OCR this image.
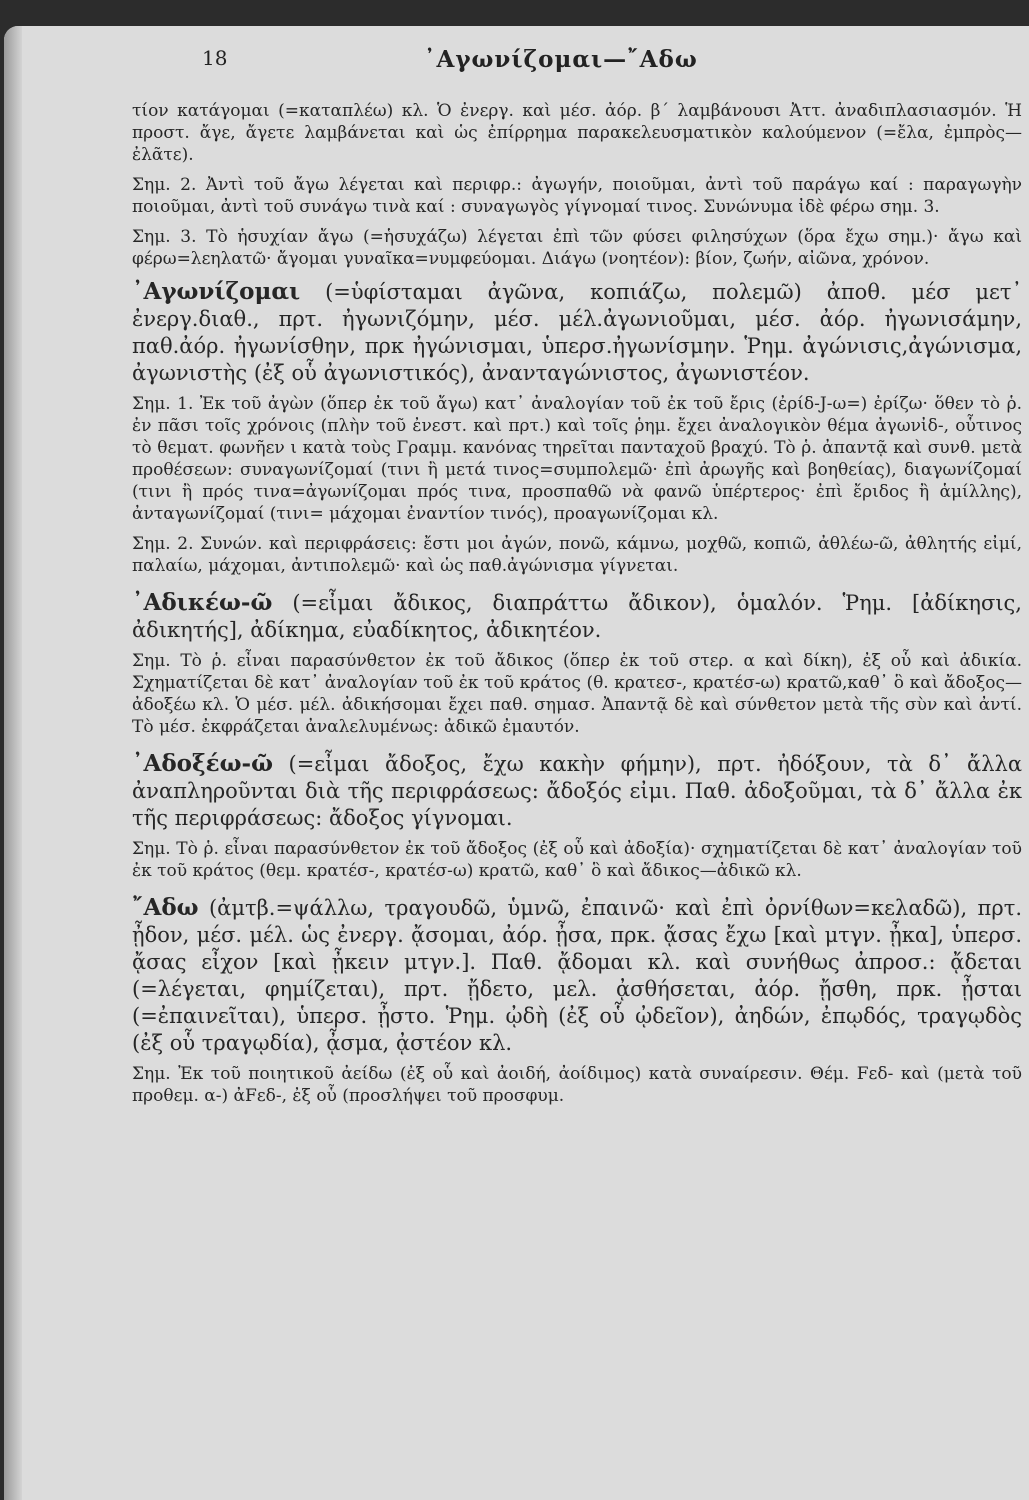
18	᾿Αγωνίζομαι—῎Αδω
τίον κατάγομαι (=καταπλέω) κλ. Ὁ ἐνεργ. καὶ μέσ. ἀόρ. β΄ λαμβάνουσι Ἀττ. ἀναδιπλασιασμόν. Ἡ προστ. ἄγε, ἄγετε λαμβάνεται καὶ ὡς ἐπίρρημα παρακελευσματικὸν καλούμενον (=ἔλα, ἐμπρὸς—ἐλᾶτε).
Σημ. 2. Ἀντὶ τοῦ ἄγω λέγεται καὶ περιφρ.: ἀγωγήν, ποιοῦμαι, ἀντὶ τοῦ παράγω καί : παραγωγὴν ποιοῦμαι, ἀντὶ τοῦ συνάγω τινὰ καί : συναγωγὸς γίγνομαί τινος. Συνώνυμα ἰδὲ φέρω σημ. 3.
Σημ. 3. Τὸ ἡσυχίαν ἄγω (=ἡσυχάζω) λέγεται ἐπὶ τῶν φύσει φιλησύχων (ὅρα ἔχω σημ.)· ἄγω καὶ φέρω=λεηλατῶ· ἄγομαι γυναῖκα=νυμφεύομαι. Διάγω (νοητέον): βίον, ζωήν, αἰῶνα, χρόνον.
᾿Αγωνίζομαι (=ὑφίσταμαι ἀγῶνα, κοπιάζω, πολεμῶ) ἀποθ. μέσ μετ᾿ ἐνεργ.διαθ., πρτ. ἠγωνιζόμην, μέσ. μέλ.ἀγωνιοῦμαι, μέσ. ἀόρ. ἠγωνισάμην, παθ.ἀόρ. ἠγωνίσθην, πρκ ἠγώνισμαι, ὑπερσ.ἠγωνίσμην. Ῥημ. ἀγώνισις,ἀγώνισμα, ἀγωνιστὴς (ἐξ οὗ ἀγωνιστικός), ἀνανταγώνιστος, ἀγωνιστέον.
Σημ. 1. Ἐκ τοῦ ἀγὼν (ὅπερ ἐκ τοῦ ἄγω) κατ᾿ ἀναλογίαν τοῦ ἐκ τοῦ ἔρις (ἐρίδ-J-ω=) ἐρίζω· ὅθεν τὸ ῥ. ἐν πᾶσι τοῖς χρόνοις (πλὴν τοῦ ἐνεστ. καὶ πρτ.) καὶ τοῖς ῥημ. ἔχει ἀναλογικὸν θέμα ἀγωνἰδ-, οὗτινος τὸ θεματ. φωνῆεν ι κατὰ τοὺς Γραμμ. κανόνας τηρεῖται πανταχοῦ βραχύ. Τὸ ῥ. ἀπαντᾷ καὶ συνθ. μετὰ προθέσεων: συναγωνίζομαί (τινι ἢ μετά τινος=συμπολεμῶ· ἐπὶ ἀρωγῆς καὶ βοηθείας), διαγωνίζομαί (τινι ἢ πρός τινα=ἀγωνίζομαι πρός τινα, προσπαθῶ νὰ φανῶ ὑπέρτερος· ἐπὶ ἔριδος ἢ ἁμίλλης), ἀνταγωνίζομαί (τινι= μάχομαι ἐναντίον τινός), προαγωνίζομαι κλ.
Σημ. 2. Συνών. καὶ περιφράσεις: ἔστι μοι ἀγών, πονῶ, κάμνω, μοχθῶ, κοπιῶ, ἀθλέω-ῶ, ἀθλητής εἰμί, παλαίω, μάχομαι, ἀντιπολεμῶ· καὶ ὡς παθ.ἀγώνισμα γίγνεται.
᾿Αδικέω-ῶ (=εἶμαι ἄδικος, διαπράττω ἄδικον), ὁμαλόν. Ῥημ. [ἀδίκησις, ἀδικητής], ἀδίκημα, εὐαδίκητος, ἀδικητέον.
Σημ. Τὸ ῥ. εἶναι παρασύνθετον ἐκ τοῦ ἄδικος (ὅπερ ἐκ τοῦ στερ. α καὶ δίκη), ἐξ οὗ καὶ ἀδικία. Σχηματίζεται δὲ κατ᾿ ἀναλογίαν τοῦ ἐκ τοῦ κράτος (θ. κρατεσ-, κρατέσ-ω) κρατῶ,καθ᾿ ὃ καὶ ἄδοξος—ἀδοξέω κλ. Ὁ μέσ. μέλ. ἀδικήσομαι ἔχει παθ. σημασ. Ἀπαντᾷ δὲ καὶ σύνθετον μετὰ τῆς σὺν καὶ ἀντί. Τὸ μέσ. ἐκφράζεται ἀναλελυμένως: ἀδικῶ ἐμαυτόν.
᾿Αδοξέω-ῶ (=εἶμαι ἄδοξος, ἔχω κακὴν φήμην), πρτ. ἠδόξουν, τὰ δ᾿ ἄλλα ἀναπληροῦνται διὰ τῆς περιφράσεως: ἄδοξός εἰμι. Παθ. ἀδοξοῦμαι, τὰ δ᾿ ἄλλα ἐκ τῆς περιφράσεως: ἄδοξος γίγνομαι.
Σημ. Τὸ ῥ. εἶναι παρασύνθετον ἐκ τοῦ ἄδοξος (ἐξ οὗ καὶ ἀδοξία)· σχηματίζεται δὲ κατ᾿ ἀναλογίαν τοῦ ἐκ τοῦ κράτος (θεμ. κρατέσ-, κρατέσ-ω) κρατῶ, καθ᾿ ὃ καὶ ἄδικος—ἀδικῶ κλ.
῎Αδω (ἀμτβ.=ψάλλω, τραγουδῶ, ὑμνῶ, ἐπαινῶ· καὶ ἐπὶ ὀρνίθων=κελαδῶ), πρτ. ᾖδον, μέσ. μέλ. ὡς ἐνεργ. ᾄσομαι, ἀόρ. ᾖσα, πρκ. ᾄσας ἔχω [καὶ μτγν. ᾖκα], ὑπερσ. ᾄσας εἶχον [καὶ ᾖκειν μτγν.]. Παθ. ᾄδομαι κλ. καὶ συνήθως ἀπροσ.: ᾄδεται (=λέγεται, φημίζεται), πρτ. ᾔδετο, μελ. ᾀσθήσεται, ἀόρ. ᾔσθη, πρκ. ᾖσται (=ἐπαινεῖται), ὑπερσ. ᾖστο. Ῥημ. ᾠδὴ (ἐξ οὗ ᾠδεῖον), ἀηδών, ἐπῳδός, τραγῳδὸς (ἐξ οὗ τραγῳδία), ᾆσμα, ᾀστέον κλ.
Σημ. Ἐκ τοῦ ποιητικοῦ ἀείδω (ἐξ οὗ καὶ ἀοιδή, ἀοίδιμος) κατὰ συναίρεσιν. Θέμ. Fεδ- καὶ (μετὰ τοῦ προθεμ. α-) ἀFεδ-, ἐξ οὗ (προσλήψει τοῦ προσφυμ.
